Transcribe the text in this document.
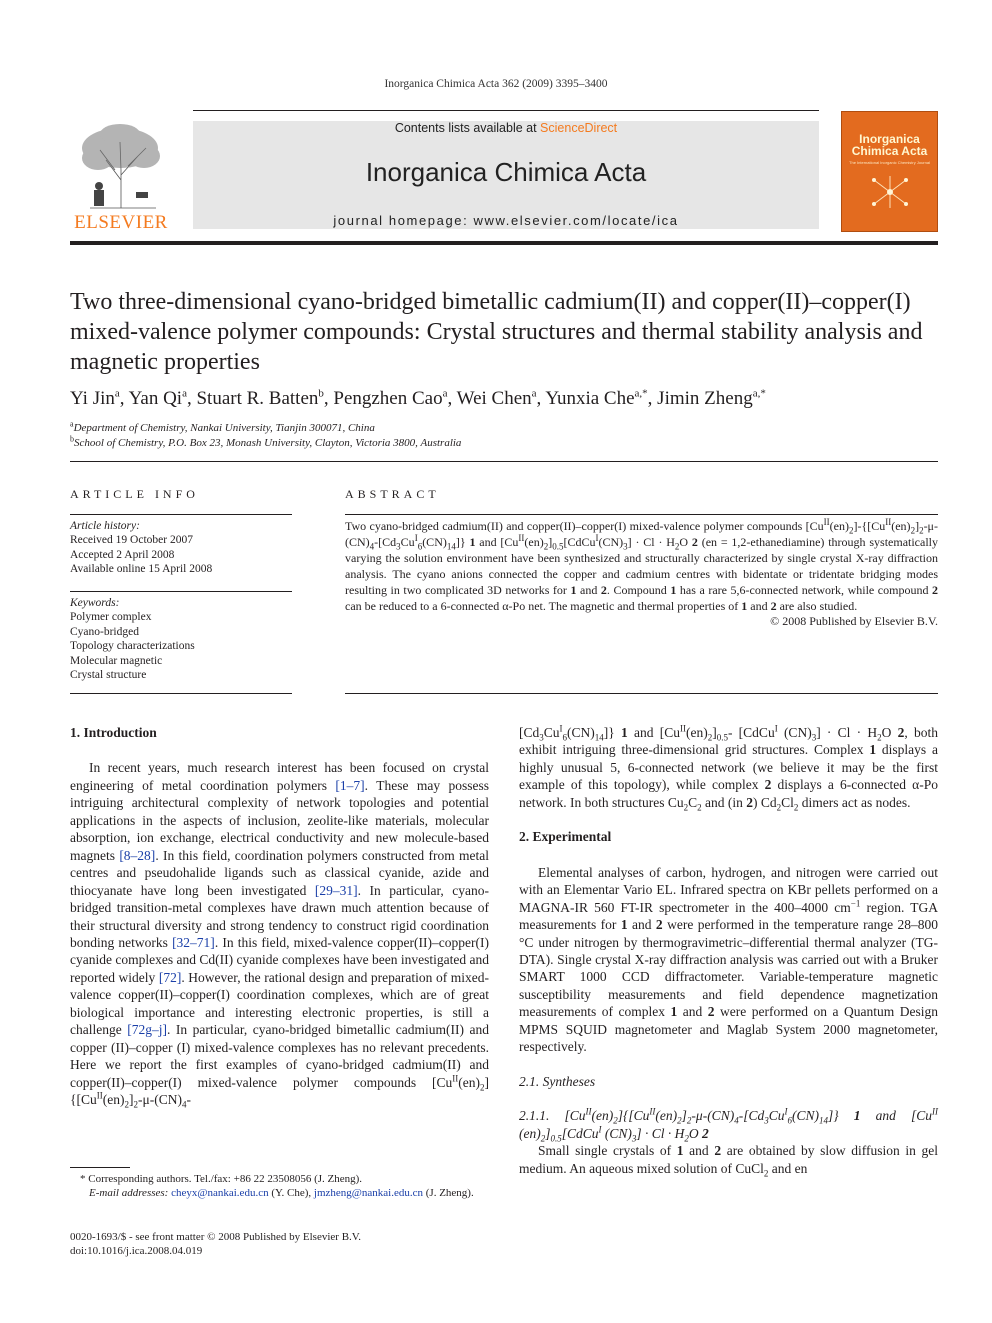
Inorganica Chimica Acta 362 (2009) 3395–3400
ELSEVIER
Contents lists available at ScienceDirect
Inorganica Chimica Acta
journal homepage: www.elsevier.com/locate/ica
Inorganica
Chimica Acta
The International Inorganic Chemistry Journal
Two three-dimensional cyano-bridged bimetallic cadmium(II) and copper(II)–copper(I) mixed-valence polymer compounds: Crystal structures and thermal stability analysis and magnetic properties
Yi Jin$^a$, Yan Qi$^a$, Stuart R. Batten$^b$, Pengzhen Cao$^a$, Wei Chen$^a$, Yunxia Che$^{a,*}$, Jimin Zheng$^{a,*}$
$^a$Department of Chemistry, Nankai University, Tianjin 300071, China
$^b$School of Chemistry, P.O. Box 23, Monash University, Clayton, Victoria 3800, Australia
ARTICLE INFO
Article history:
Received 19 October 2007
Accepted 2 April 2008
Available online 15 April 2008
Keywords:
Polymer complex
Cyano-bridged
Topology characterizations
Molecular magnetic
Crystal structure
ABSTRACT

Two cyano-bridged cadmium(II) and copper(II)–copper(I) mixed-valence polymer compounds $[Cu^{II}(en)_2]-\{[Cu^{II}(en)_2]_2-\mu-(CN)_4-[Cd_3Cu^I_6(CN)_{14}]\}$ 1 and $[Cu^{II}(en)_2]_{0.5}[CdCu^I(CN)_3] \cdot Cl \cdot H_2O$ 2 (en = 1,2-ethanediamine) through systematically varying the solution environment have been synthesized and structurally characterized by single crystal X-ray diffraction analysis. The cyano anions connected the copper and cadmium centres with bidentate or tridentate bridging modes resulting in two complicated 3D networks for 1 and 2. Compound 1 has a rare 5,6-connected network, while compound 2 can be reduced to a 6-connected α-Po net. The magnetic and thermal properties of 1 and 2 are also studied.

© 2008 Published by Elsevier B.V.

1. Introduction

In recent years, much research interest has been focused on crystal engineering of metal coordination polymers [1–7]. These may possess intriguing architectural complexity of network topologies and potential applications in the aspects of inclusion, zeolite-like materials, molecular absorption, ion exchange, electrical conductivity and new molecule-based magnets [8–28]. In this field, coordination polymers constructed from metal centres and pseudohalide ligands such as classical cyanide, azide and thiocyanate have long been investigated [29–31]. In particular, cyano-bridged transition-metal complexes have drawn much attention because of their structural diversity and strong tendency to construct rigid coordination bonding networks [32–71]. In this field, mixed-valence copper(II)–copper(I) cyanide complexes and Cd(II) cyanide complexes have been investigated and reported widely [72]. However, the rational design and preparation of mixed-valence copper(II)–copper(I) coordination complexes, which are of great biological importance and interesting electronic properties, is still a challenge [72g–j]. In particular, cyano-bridged bimetallic cadmium(II) and copper (II)–copper (I) mixed-valence complexes has no relevant precedents. Here we report the first examples of cyano-bridged cadmium(II) and copper(II)–copper(I) mixed-valence polymer compounds $[Cu^{II}(en)_2]\{[Cu^{II}(en)_2]_2-\mu-(CN)_4-$

$[Cd_3Cu^I_6(CN)_{14}]$} 1 and $[Cu^{II}(en)_2]_{0.5}-$ [CdCu$^I$ $(CN)_3] \cdot Cl \cdot H_2O$ 2, both exhibit intriguing three-dimensional grid structures. Complex 1 displays a highly unusual 5, 6-connected network (we believe it may be the first example of this topology), while complex 2 displays a 6-connected α-Po network. In both structures $Cu_2C_2$ and (in 2) $Cd_2Cl_2$ dimers act as nodes.

2. Experimental

Elemental analyses of carbon, hydrogen, and nitrogen were carried out with an Elementar Vario EL. Infrared spectra on KBr pellets performed on a MAGNA-IR 560 FT-IR spectrometer in the 400–4000 $cm^{-1}$ region. TGA measurements for 1 and 2 were performed in the temperature range 28–800 °C under nitrogen by thermogravimetric–differential thermal analyzer (TG-DTA). Single crystal X-ray diffraction analysis was carried out with a Bruker SMART 1000 CCD diffractometer. Variable-temperature magnetic susceptibility measurements and field dependence magnetization measurements of complex 1 and 2 were performed on a Quantum Design MPMS SQUID magnetometer and Maglab System 2000 magnetometer, respectively.

2.1. Syntheses

2.1.1. $[Cu^{II}(en)_2]\{[Cu^{II}(en)_2]_2-\mu-(CN)_4-[Cd_3Cu^I_6(CN)_{14}]\}$ 1 and [$Cu^{II}$ $(en)_2]_{0.5}[CdCu^I$ $(CN)_3] \cdot Cl \cdot H_2O$ 2

Small single crystals of 1 and 2 are obtained by slow diffusion in gel medium. An aqueous mixed solution of CuCl$_2$ and en

* Corresponding authors. Tel./fax: +86 22 23508056 (J. Zheng).
E-mail addresses: cheyx@nankai.edu.cn (Y. Che), jmzheng@nankai.edu.cn (J. Zheng).
0020-1693/$ - see front matter © 2008 Published by Elsevier B.V.
doi:10.1016/j.ica.2008.04.019
